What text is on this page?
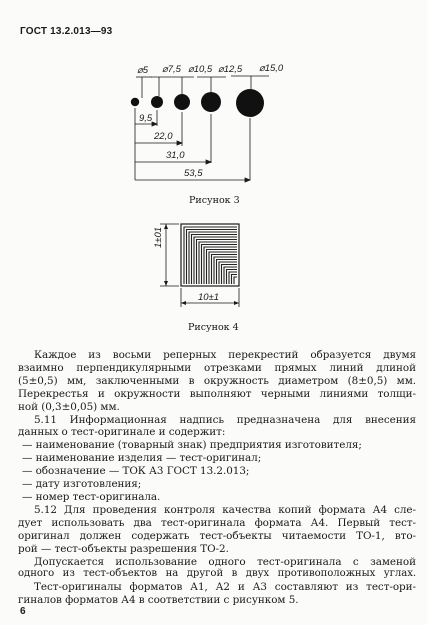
ГОСТ 13.2.013—93
⌀5 ⌀7,5 ⌀10,5 ⌀12,5 ⌀15,0
9,5
22,0
31,0
53,5
Рисунок 3
1±01
10±1
Рисунок 4
Каждое из восьми реперных перекрестий образуется двумя
взаимно перпендикулярными отрезками прямых линий длиной
(5±0,5) мм, заключенными в окружность диаметром (8±0,5) мм.
Перекрестья и окружности выполняют черными линиями толщи-
ной (0,3±0,05) мм.
5.11 Информационная надпись предназначена для внесения
данных о тест-оригинале и содержит:
— наименование (товарный знак) предприятия изготовителя;
— наименование изделия — тест-оригинал;
— обозначение — ТОК А3 ГОСТ 13.2.013;
— дату изготовления;
— номер тест-оригинала.
5.12 Для проведения контроля качества копий формата А4 сле-
дует использовать два тест-оригинала формата А4. Первый тест-
оригинал должен содержать тест-объекты читаемости ТО-1, вто-
рой — тест-объекты разрешения ТО-2.
Допускается использование одного тест-оригинала с заменой
одного из тест-объектов на другой в двух противоположных углах.
Тест-оригиналы форматов А1, А2 и А3 составляют из тест-ори-
гиналов форматов А4 в соответствии с рисунком 5.
6
